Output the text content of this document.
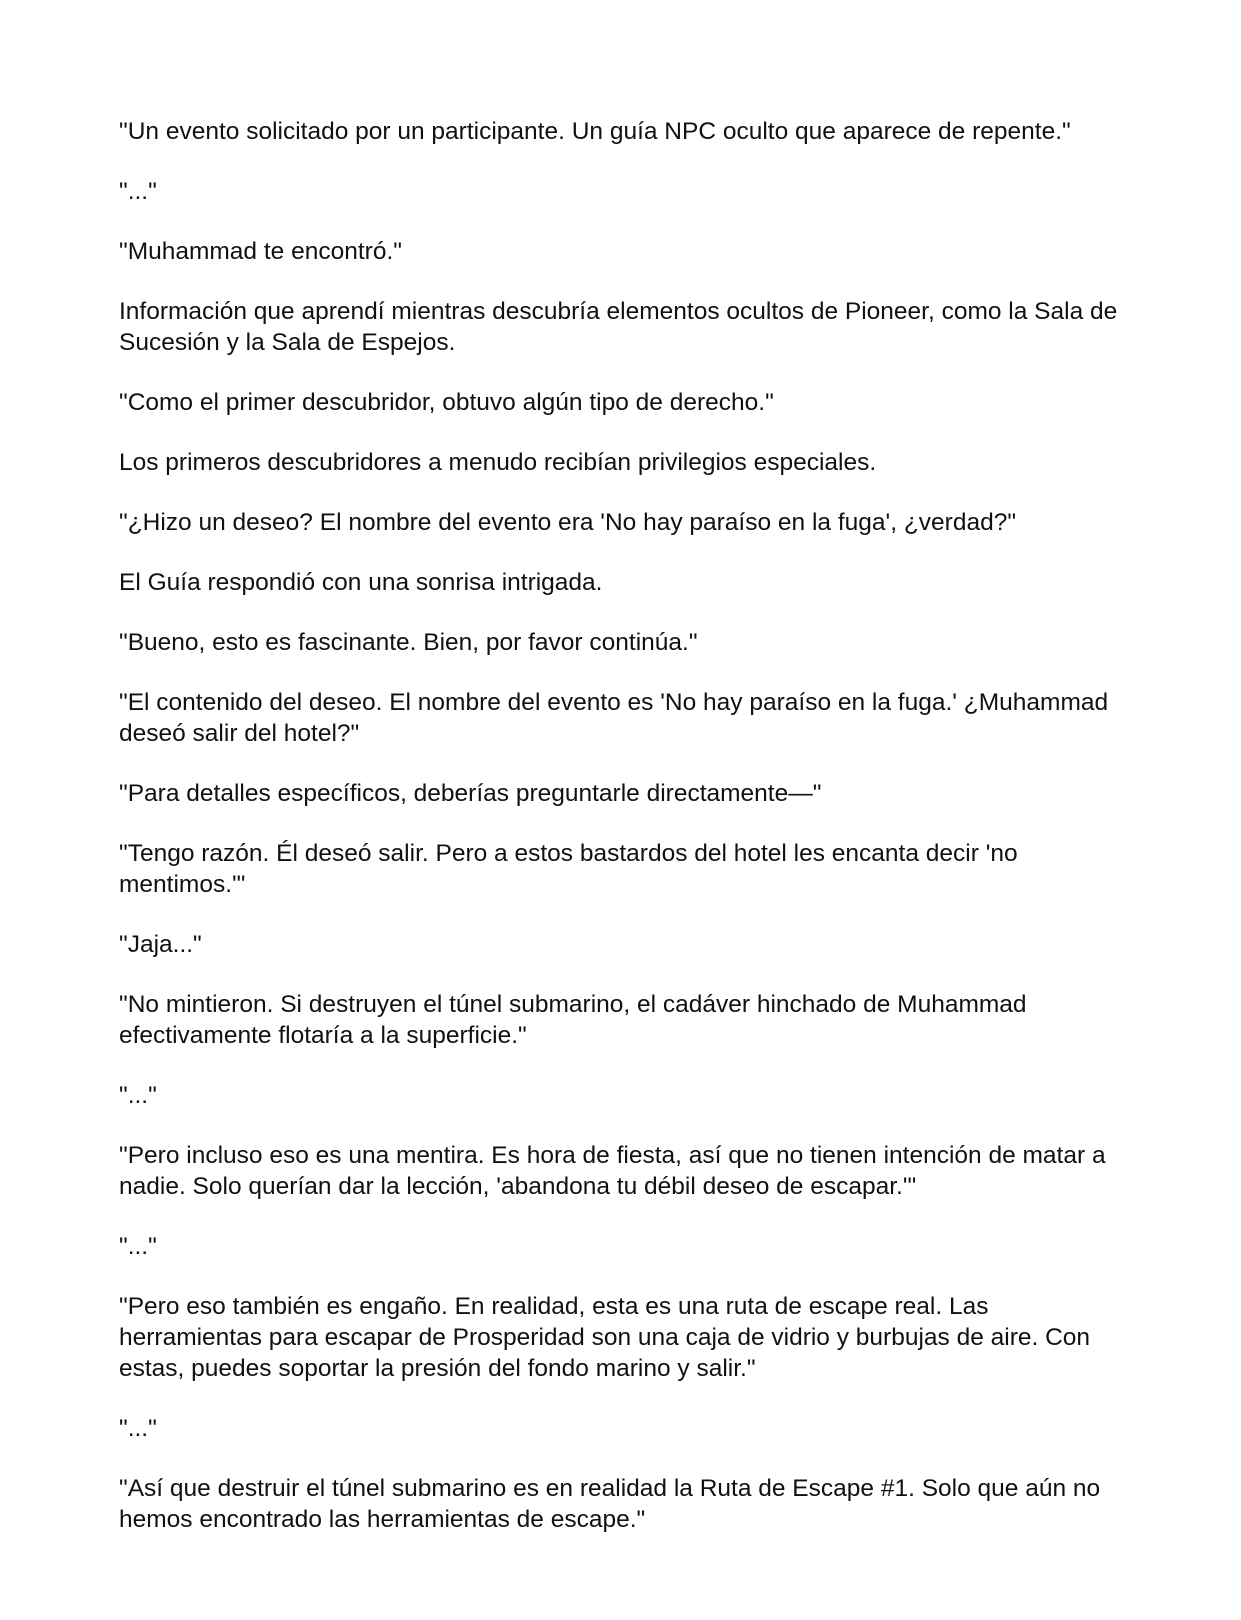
"Un evento solicitado por un participante. Un guía NPC oculto que aparece de repente."

"..."

"Muhammad te encontró."

Información que aprendí mientras descubría elementos ocultos de Pioneer, como la Sala de Sucesión y la Sala de Espejos.

"Como el primer descubridor, obtuvo algún tipo de derecho."

Los primeros descubridores a menudo recibían privilegios especiales.

"¿Hizo un deseo? El nombre del evento era 'No hay paraíso en la fuga', ¿verdad?"

El Guía respondió con una sonrisa intrigada.

"Bueno, esto es fascinante. Bien, por favor continúa."

"El contenido del deseo. El nombre del evento es 'No hay paraíso en la fuga.' ¿Muhammad deseó salir del hotel?"

"Para detalles específicos, deberías preguntarle directamente—"

"Tengo razón. Él deseó salir. Pero a estos bastardos del hotel les encanta decir 'no mentimos.'"

"Jaja..."

"No mintieron. Si destruyen el túnel submarino, el cadáver hinchado de Muhammad efectivamente flotaría a la superficie."

"..."

"Pero incluso eso es una mentira. Es hora de fiesta, así que no tienen intención de matar a nadie. Solo querían dar la lección, 'abandona tu débil deseo de escapar.'"

"..."

"Pero eso también es engaño. En realidad, esta es una ruta de escape real. Las herramientas para escapar de Prosperidad son una caja de vidrio y burbujas de aire. Con estas, puedes soportar la presión del fondo marino y salir."

"..."

"Así que destruir el túnel submarino es en realidad la Ruta de Escape #1. Solo que aún no hemos encontrado las herramientas de escape."
